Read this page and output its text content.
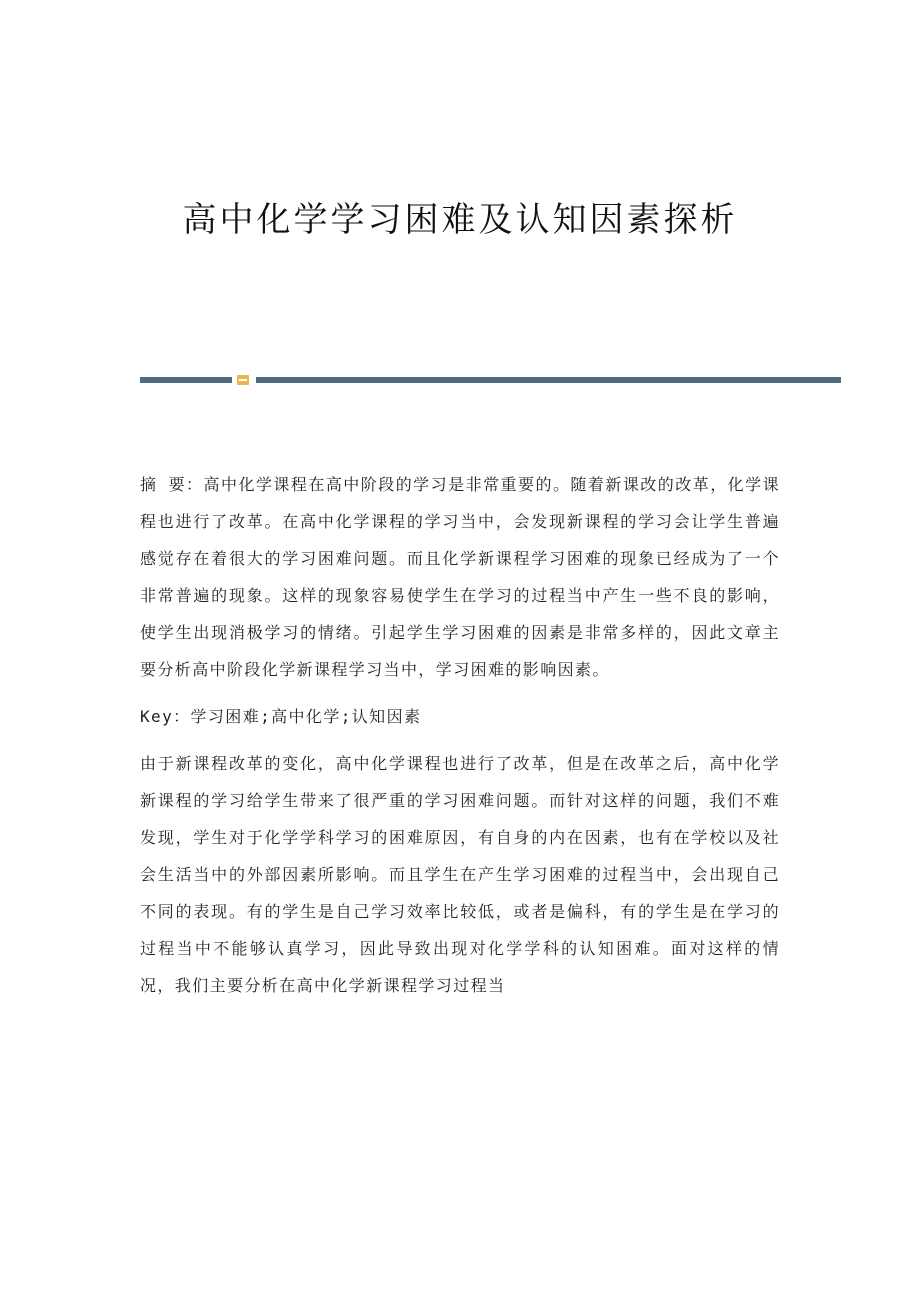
高中化学学习困难及认知因素探析

摘 要：高中化学课程在高中阶段的学习是非常重要的。随着新课改的改革，化学课程也进行了改革。在高中化学课程的学习当中，会发现新课程的学习会让学生普遍感觉存在着很大的学习困难问题。而且化学新课程学习困难的现象已经成为了一个非常普遍的现象。这样的现象容易使学生在学习的过程当中产生一些不良的影响，使学生出现消极学习的情绪。引起学生学习困难的因素是非常多样的，因此文章主要分析高中阶段化学新课程学习当中，学习困难的影响因素。

Key：学习困难;高中化学;认知因素

由于新课程改革的变化，高中化学课程也进行了改革，但是在改革之后，高中化学新课程的学习给学生带来了很严重的学习困难问题。而针对这样的问题，我们不难发现，学生对于化学学科学习的困难原因，有自身的内在因素，也有在学校以及社会生活当中的外部因素所影响。而且学生在产生学习困难的过程当中，会出现自己不同的表现。有的学生是自己学习效率比较低，或者是偏科，有的学生是在学习的过程当中不能够认真学习，因此导致出现对化学学科的认知困难。面对这样的情况，我们主要分析在高中化学新课程学习过程当
